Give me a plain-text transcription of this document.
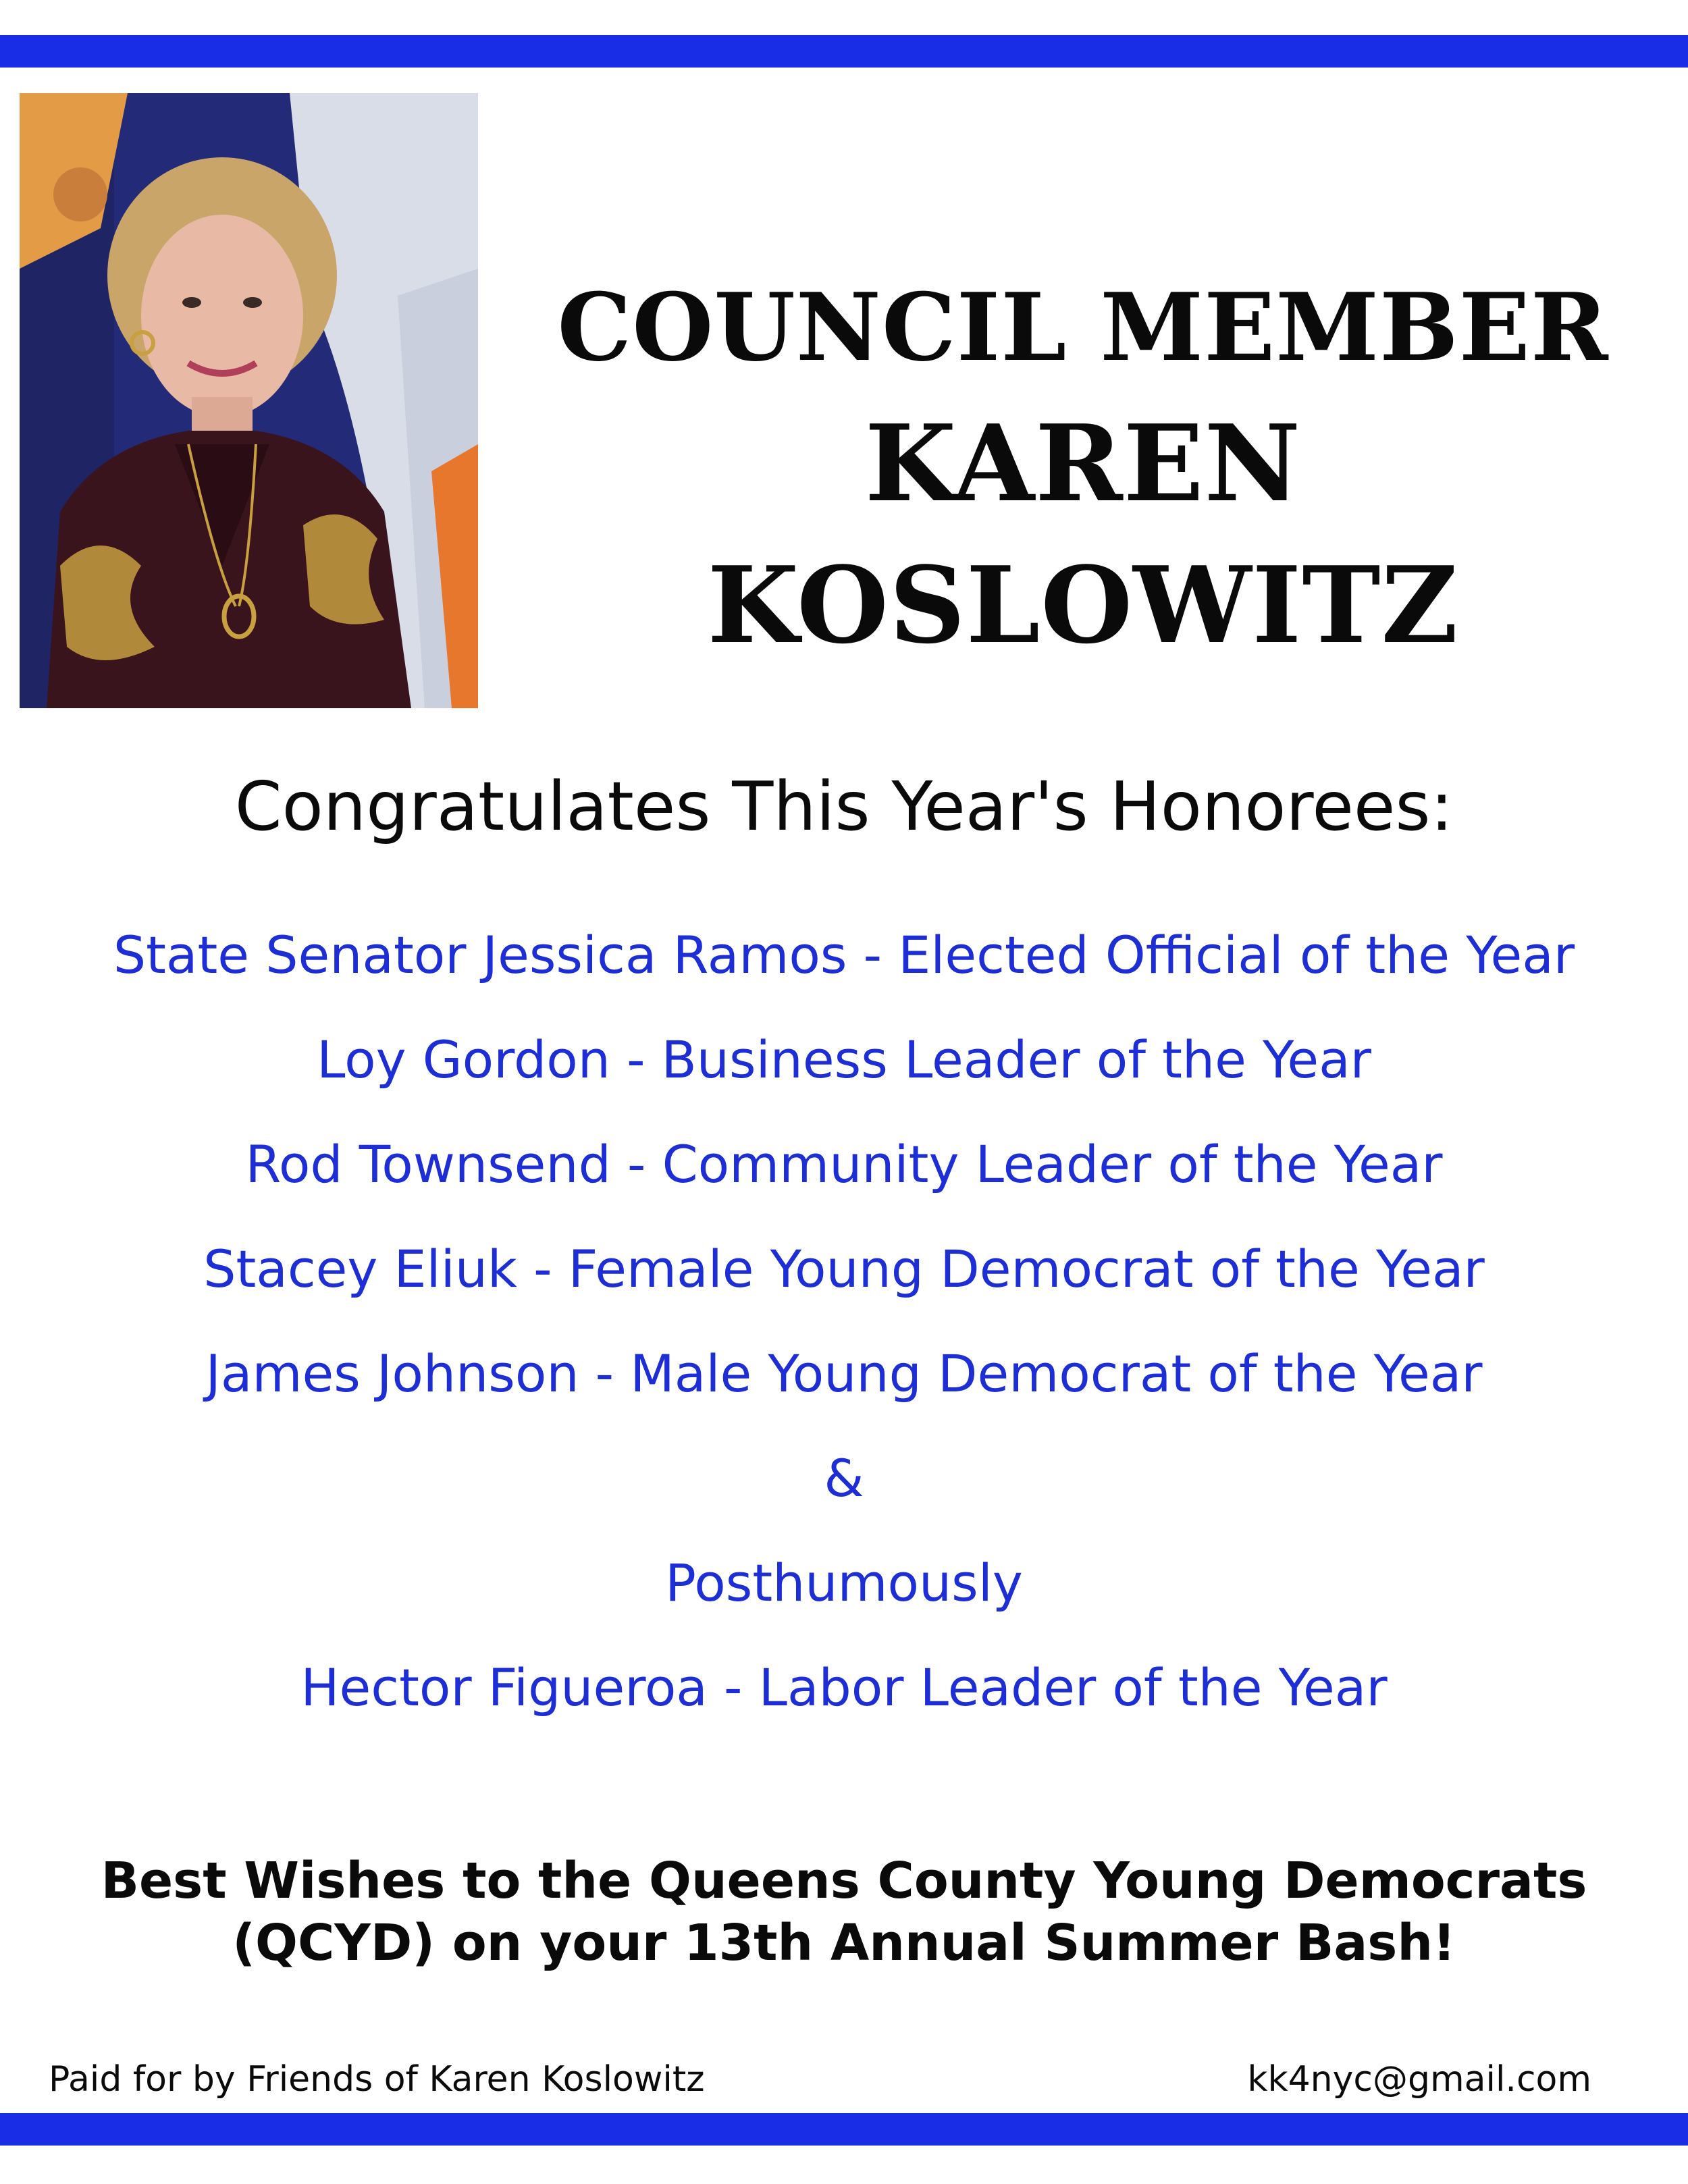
COUNCIL MEMBER
KAREN KOSLOWITZ
Congratulates This Year's Honorees:
State Senator Jessica Ramos - Elected Official of the Year
Loy Gordon - Business Leader of the Year
Rod Townsend - Community Leader of the Year
Stacey Eliuk - Female Young Democrat of the Year
James Johnson - Male Young Democrat of the Year
&
Posthumously
Hector Figueroa - Labor Leader of the Year
Best Wishes to the Queens County Young Democrats
(QCYD) on your 13th Annual Summer Bash!
Paid for by Friends of Karen Koslowitz	kk4nyc@gmail.com
